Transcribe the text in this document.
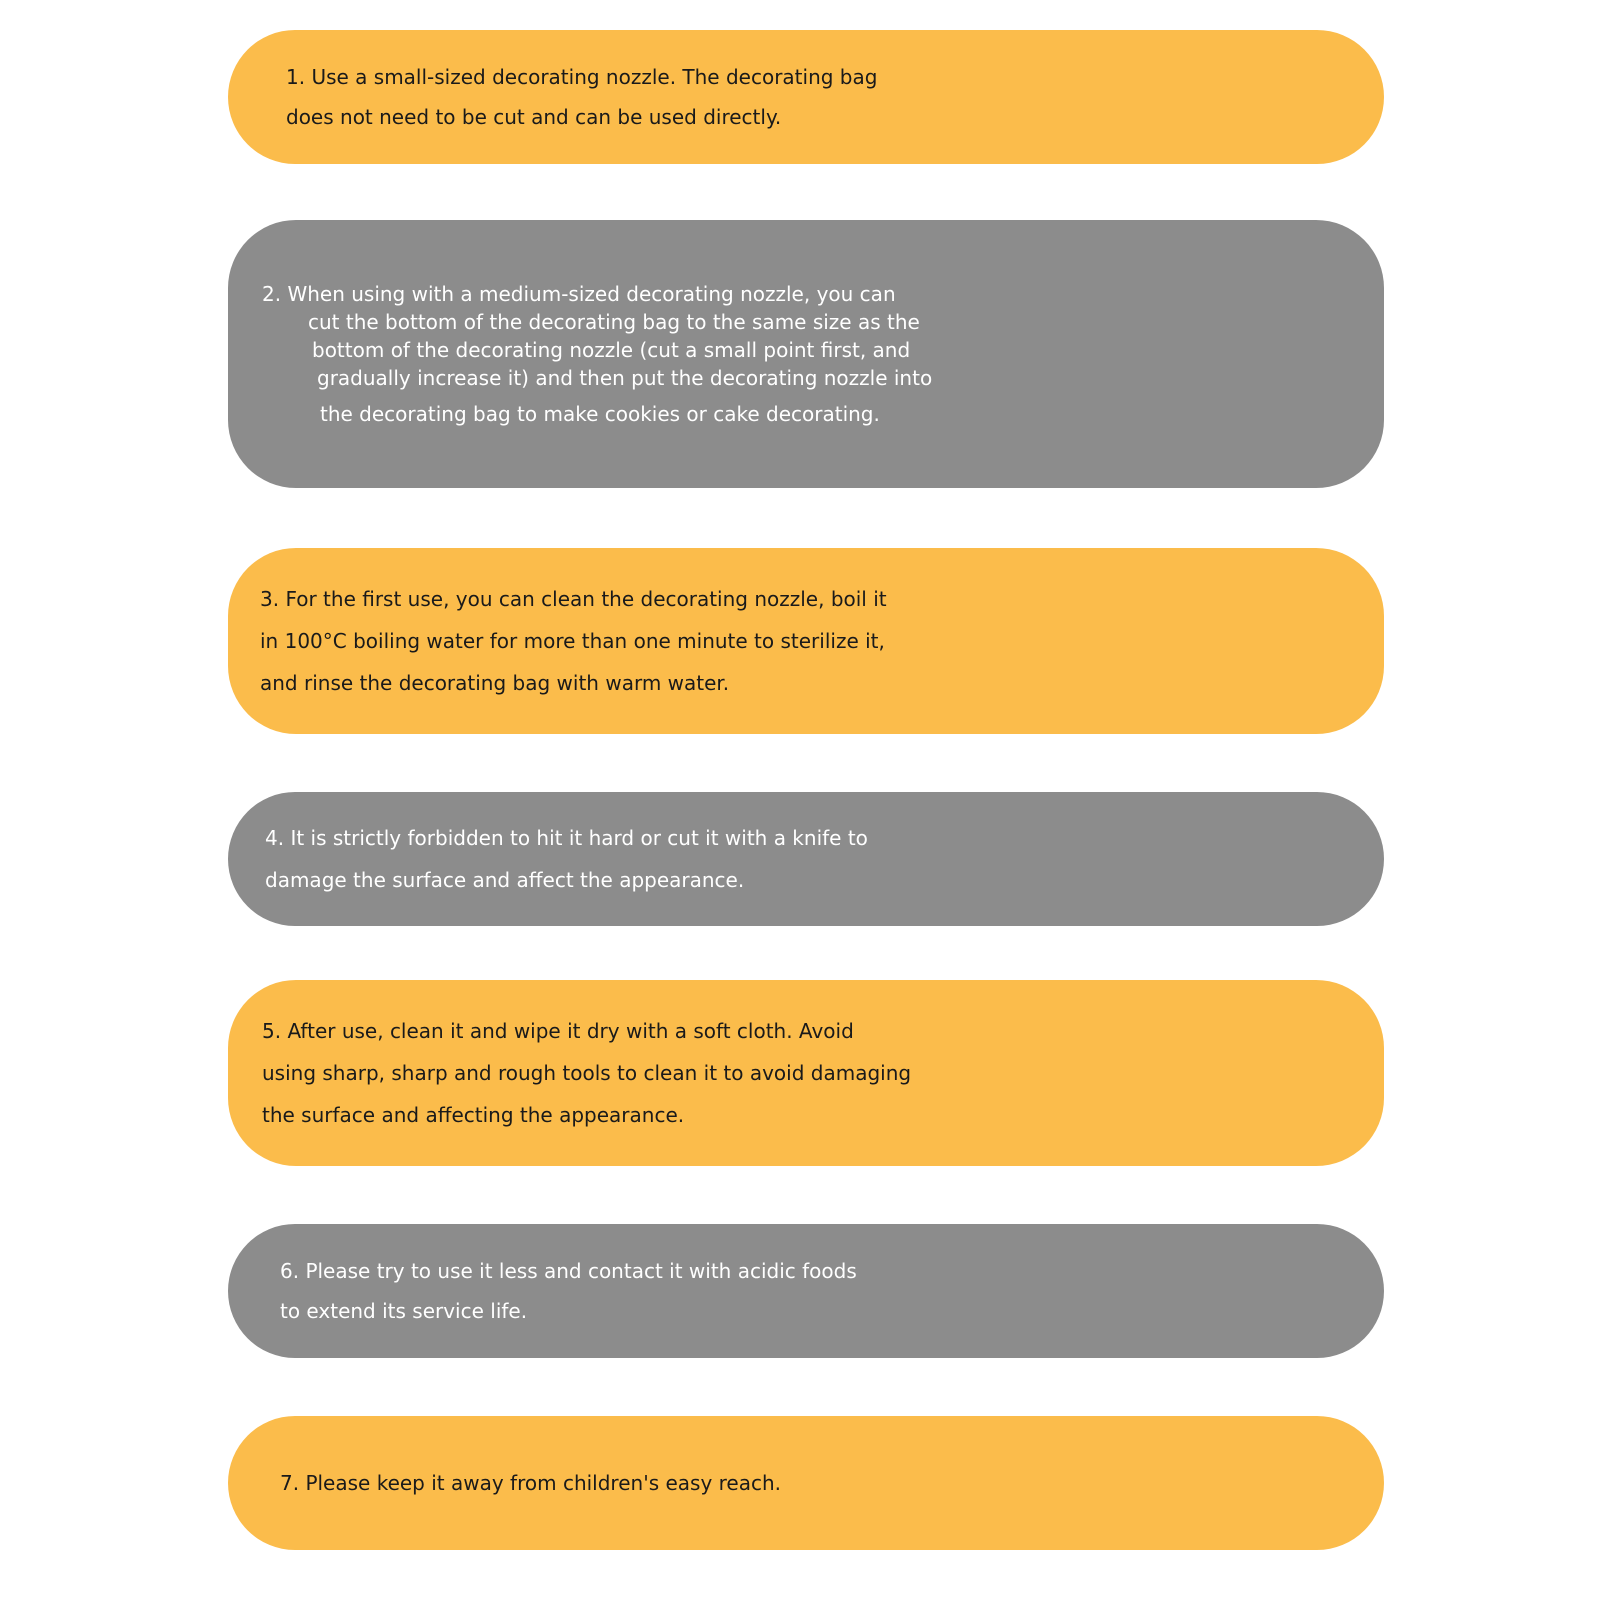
1. Use a small-sized decorating nozzle. The decorating bag
does not need to be cut and can be used directly.
2. When using with a medium-sized decorating nozzle, you can
cut the bottom of the decorating bag to the same size as the
bottom of the decorating nozzle (cut a small point first, and
gradually increase it) and then put the decorating nozzle into
the decorating bag to make cookies or cake decorating.
3. For the first use, you can clean the decorating nozzle, boil it
in 100°C boiling water for more than one minute to sterilize it,
and rinse the decorating bag with warm water.
4. It is strictly forbidden to hit it hard or cut it with a knife to
damage the surface and affect the appearance.
5. After use, clean it and wipe it dry with a soft cloth. Avoid
using sharp, sharp and rough tools to clean it to avoid damaging
the surface and affecting the appearance.
6. Please try to use it less and contact it with acidic foods
to extend its service life.
7. Please keep it away from children's easy reach.
